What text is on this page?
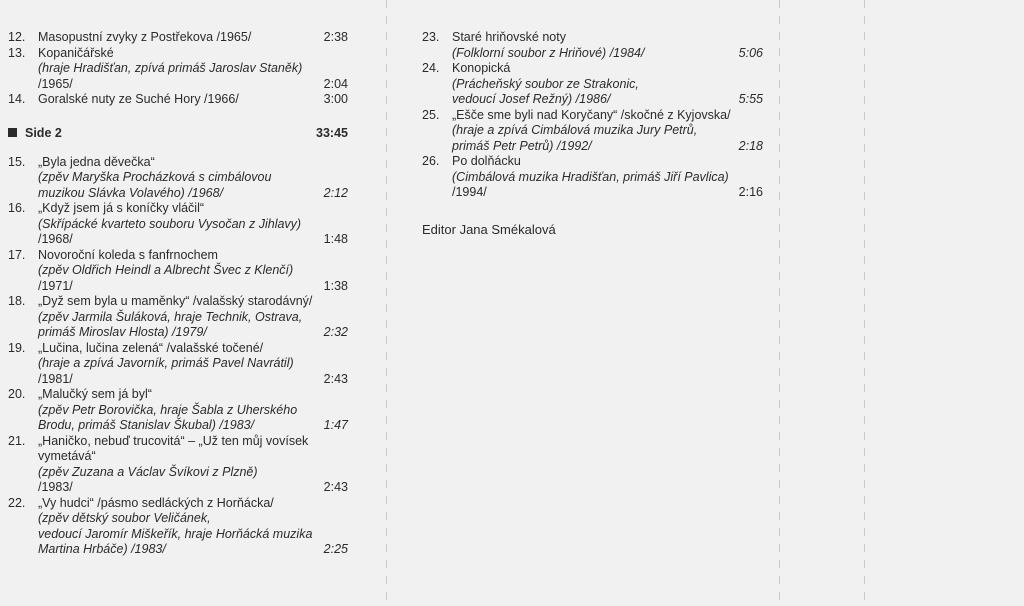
12.	Masopustní zvyky z Postřekova /1965/	2:38
13.	Kopaničářské
(hraje Hradišťan, zpívá primáš Jaroslav Staněk)
/1965/	2:04
14.	Goralské nuty ze Suché Hory /1966/	3:00
Side 2	33:45
15.	„Byla jedna děvečka“
(zpěv Maryška Procházková s cimbálovou
muzikou Slávka Volavého) /1968/	2:12
16.	„Když jsem já s koníčky vláčil“
(Skřípácké kvarteto souboru Vysočan z Jihlavy)
/1968/	1:48
17.	Novoroční koleda s fanfrnochem
(zpěv Oldřich Heindl a Albrecht Švec z Klenčí)
/1971/	1:38
18.	„Dyž sem byla u maměnky“ /valašský starodávný/
(zpěv Jarmila Šuláková, hraje Technik, Ostrava,
primáš Miroslav Hlosta) /1979/	2:32
19.	„Lučina, lučina zelená“ /valašské točené/
(hraje a zpívá Javorník, primáš Pavel Navrátil)
/1981/	2:43
20.	„Malučký sem já byl“
(zpěv Petr Borovička, hraje Šabla z Uherského
Brodu, primáš Stanislav Škubal) /1983/	1:47
21.	„Haničko, nebuď trucovitá“ – „Už ten můj vovísek
vymetává“
(zpěv Zuzana a Václav Švíkovi z Plzně)
/1983/	2:43
22.	„Vy hudci“ /pásmo sedláckých z Horňácka/
(zpěv dětský soubor Veličánek,
vedoucí Jaromír Miškeřík, hraje Horňácká muzika
Martina Hrbáče) /1983/	2:25
23.	Staré hriňovské noty
(Folklorní soubor z Hriňové) /1984/	5:06
24.	Konopická
(Prácheňský soubor ze Strakonic,
vedoucí Josef Režný) /1986/	5:55
25.	„Ešče sme byli nad Koryčany“ /skočné z Kyjovska/
(hraje a zpívá Cimbálová muzika Jury Petrů,
primáš Petr Petrů) /1992/	2:18
26.	Po dolňácku
(Cimbálová muzika Hradišťan, primáš Jiří Pavlica)
/1994/	2:16
Editor Jana Smékalová
